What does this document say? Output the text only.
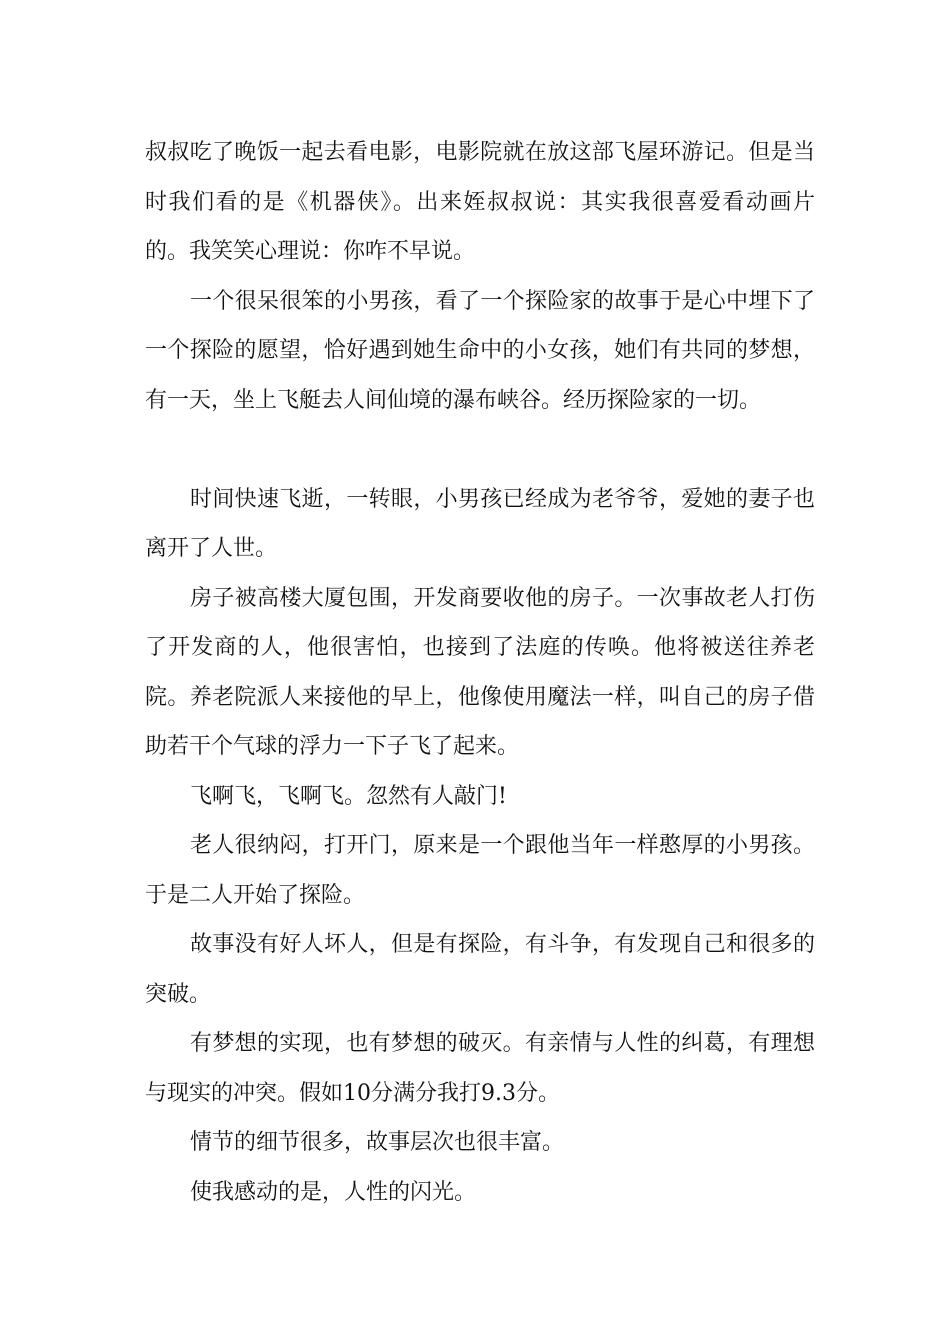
叔叔吃了晚饭一起去看电影，电影院就在放这部飞屋环游记。但是当时我们看的是《机器侠》。出来姪叔叔说：其实我很喜爱看动画片的。我笑笑心理说：你咋不早说。

一个很呆很笨的小男孩，看了一个探险家的故事于是心中埋下了一个探险的愿望，恰好遇到她生命中的小女孩，她们有共同的梦想，有一天，坐上飞艇去人间仙境的瀑布峡谷。经历探险家的一切。

时间快速飞逝，一转眼，小男孩已经成为老爷爷，爱她的妻子也离开了人世。

房子被高楼大厦包围，开发商要收他的房子。一次事故老人打伤了开发商的人，他很害怕，也接到了法庭的传唤。他将被送往养老院。养老院派人来接他的早上，他像使用魔法一样，叫自己的房子借助若干个气球的浮力一下子飞了起来。

飞啊飞，飞啊飞。忽然有人敲门!

老人很纳闷，打开门，原来是一个跟他当年一样憨厚的小男孩。于是二人开始了探险。

故事没有好人坏人，但是有探险，有斗争，有发现自己和很多的突破。

有梦想的实现，也有梦想的破灭。有亲情与人性的纠葛，有理想与现实的冲突。假如10分满分我打9.3分。

情节的细节很多，故事层次也很丰富。

使我感动的是，人性的闪光。
